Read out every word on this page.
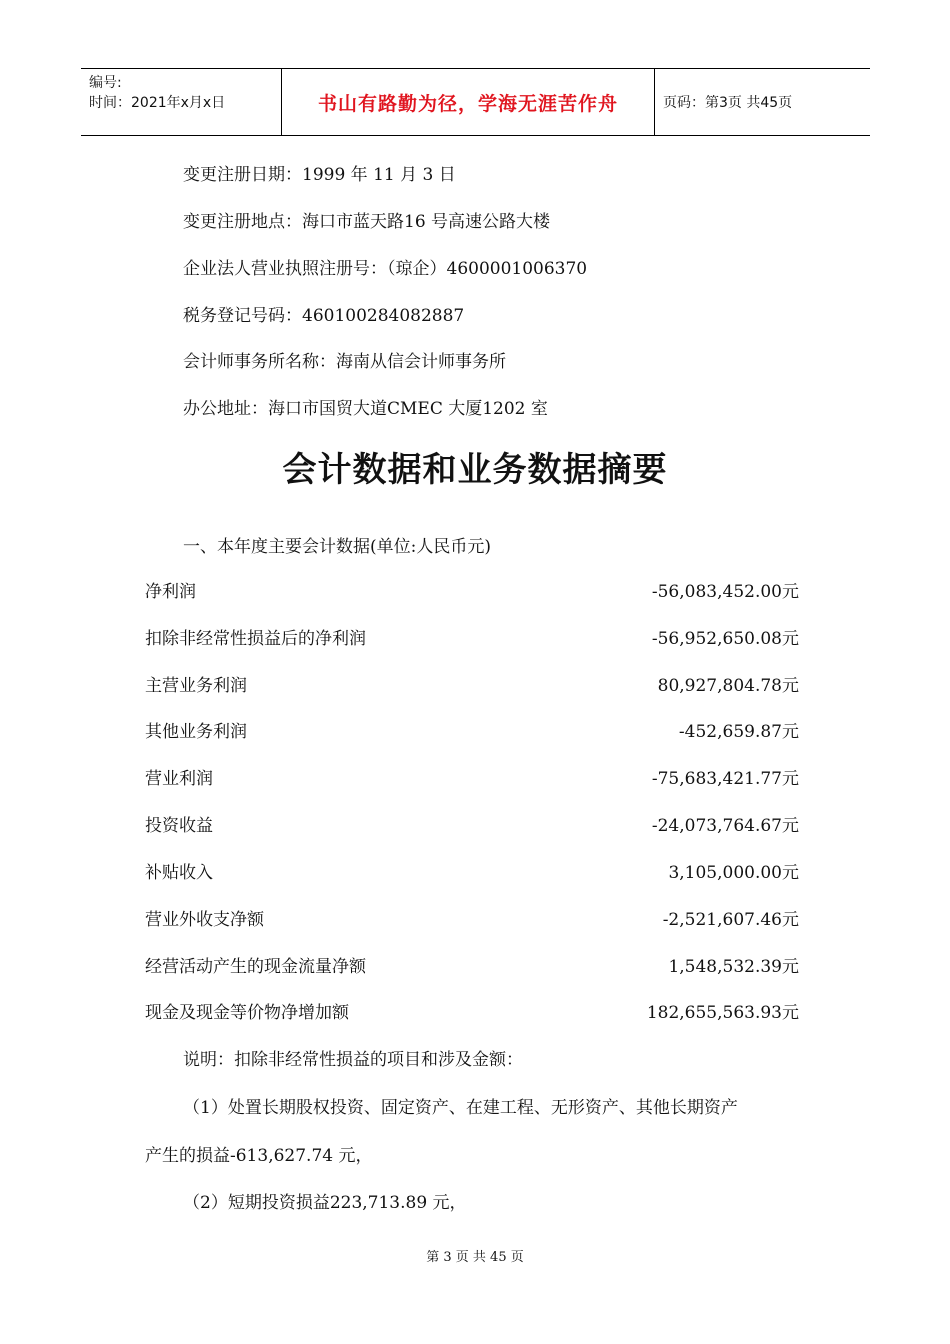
编号:
时间：2021年x月x日	书山有路勤为径，学海无涯苦作舟	页码：第3页 共45页
变更注册日期：1999 年 11 月 3 日
变更注册地点：海口市蓝天路16 号高速公路大楼
企业法人营业执照注册号：（琼企）4600001006370
税务登记号码：460100284082887
会计师事务所名称：海南从信会计师事务所
办公地址：海口市国贸大道CMEC 大厦1202 室
会计数据和业务数据摘要
一、本年度主要会计数据(单位:人民币元)
净利润	-56,083,452.00元
扣除非经常性损益后的净利润	-56,952,650.08元
主营业务利润	80,927,804.78元
其他业务利润	-452,659.87元
营业利润	-75,683,421.77元
投资收益	-24,073,764.67元
补贴收入	3,105,000.00元
营业外收支净额	-2,521,607.46元
经营活动产生的现金流量净额	1,548,532.39元
现金及现金等价物净增加额	182,655,563.93元
说明：扣除非经常性损益的项目和涉及金额：
（1）处置长期股权投资、固定资产、在建工程、无形资产、其他长期资产
产生的损益-613,627.74 元，
（2）短期投资损益223,713.89 元，
第 3 页 共 45 页
